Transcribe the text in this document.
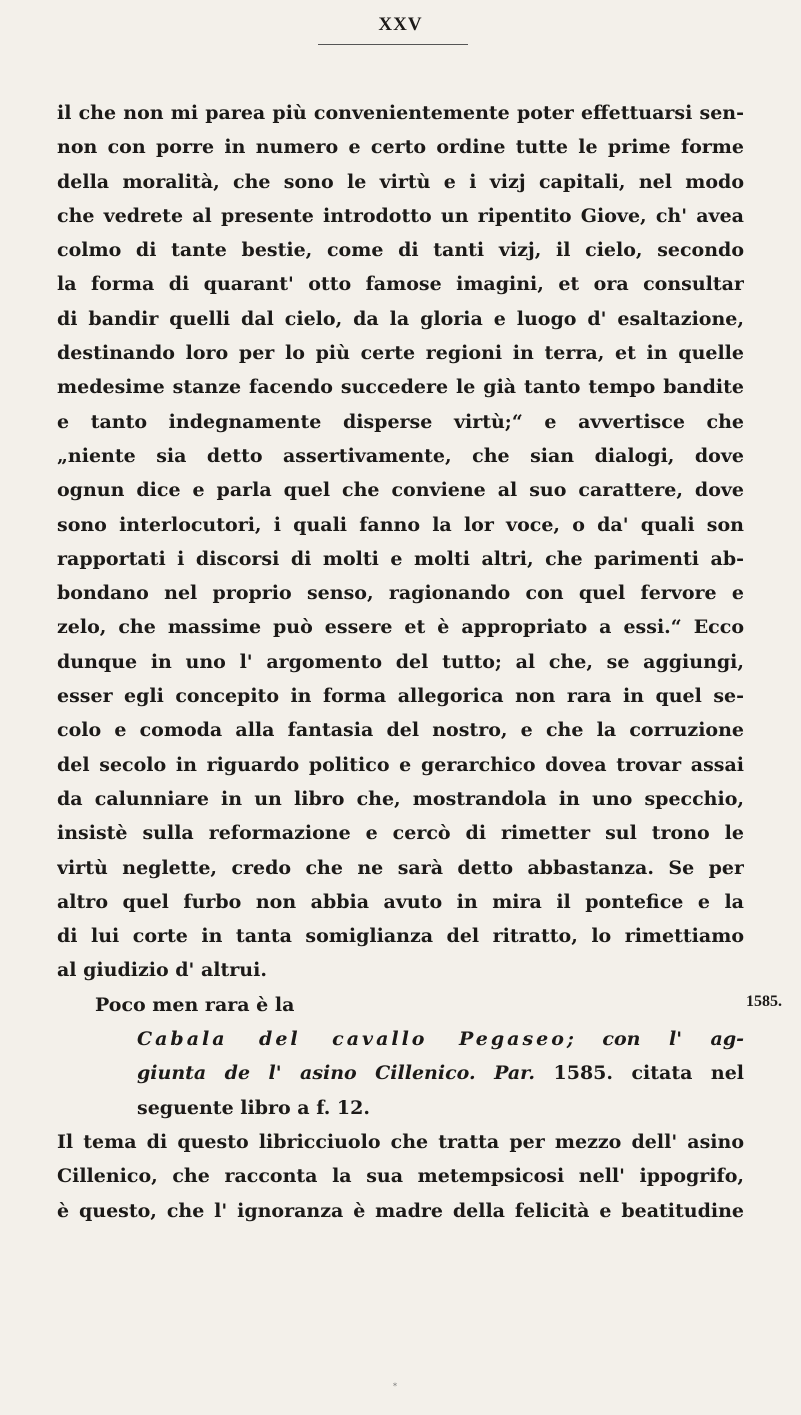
XXV
il che non mi parea più convenientemente poter effettuarsi sen-
non con porre in numero e certo ordine tutte le prime forme
della moralità, che sono le virtù e i vizj capitali, nel modo
che vedrete al presente introdotto un ripentito Giove, ch' avea
colmo di tante bestie, come di tanti vizj, il cielo, secondo
la forma di quarant' otto famose imagini, et ora consultar
di bandir quelli dal cielo, da la gloria e luogo d' esaltazione,
destinando loro per lo più certe regioni in terra, et in quelle
medesime stanze facendo succedere le già tanto tempo bandite
e tanto indegnamente disperse virtù;“ e avvertisce che
„niente sia detto assertivamente, che sian dialogi, dove
ognun dice e parla quel che conviene al suo carattere, dove
sono interlocutori, i quali fanno la lor voce, o da' quali son
rapportati i discorsi di molti e molti altri, che parimenti ab-
bondano nel proprio senso, ragionando con quel fervore e
zelo, che massime può essere et è appropriato a essi.“ Ecco
dunque in uno l' argomento del tutto; al che, se aggiungi,
esser egli concepito in forma allegorica non rara in quel se-
colo e comoda alla fantasia del nostro, e che la corruzione
del secolo in riguardo politico e gerarchico dovea trovar assai
da calunniare in un libro che, mostrandola in uno specchio,
insistè sulla reformazione e cercò di rimetter sul trono le
virtù neglette, credo che ne sarà detto abbastanza. Se per
altro quel furbo non abbia avuto in mira il pontefice e la
di lui corte in tanta somiglianza del ritratto, lo rimettiamo
al giudizio d' altrui.
Poco men rara è la
Cabala del cavallo Pegaseo; con l' ag-
giunta de l' asino Cillenico. Par. 1585. citata nel
seguente libro a f. 12.
Il tema di questo libricciuolo che tratta per mezzo dell' asino
Cillenico, che racconta la sua metempsicosi nell' ippogrifo,
è questo, che l' ignoranza è madre della felicità e beatitudine
1585.
*
